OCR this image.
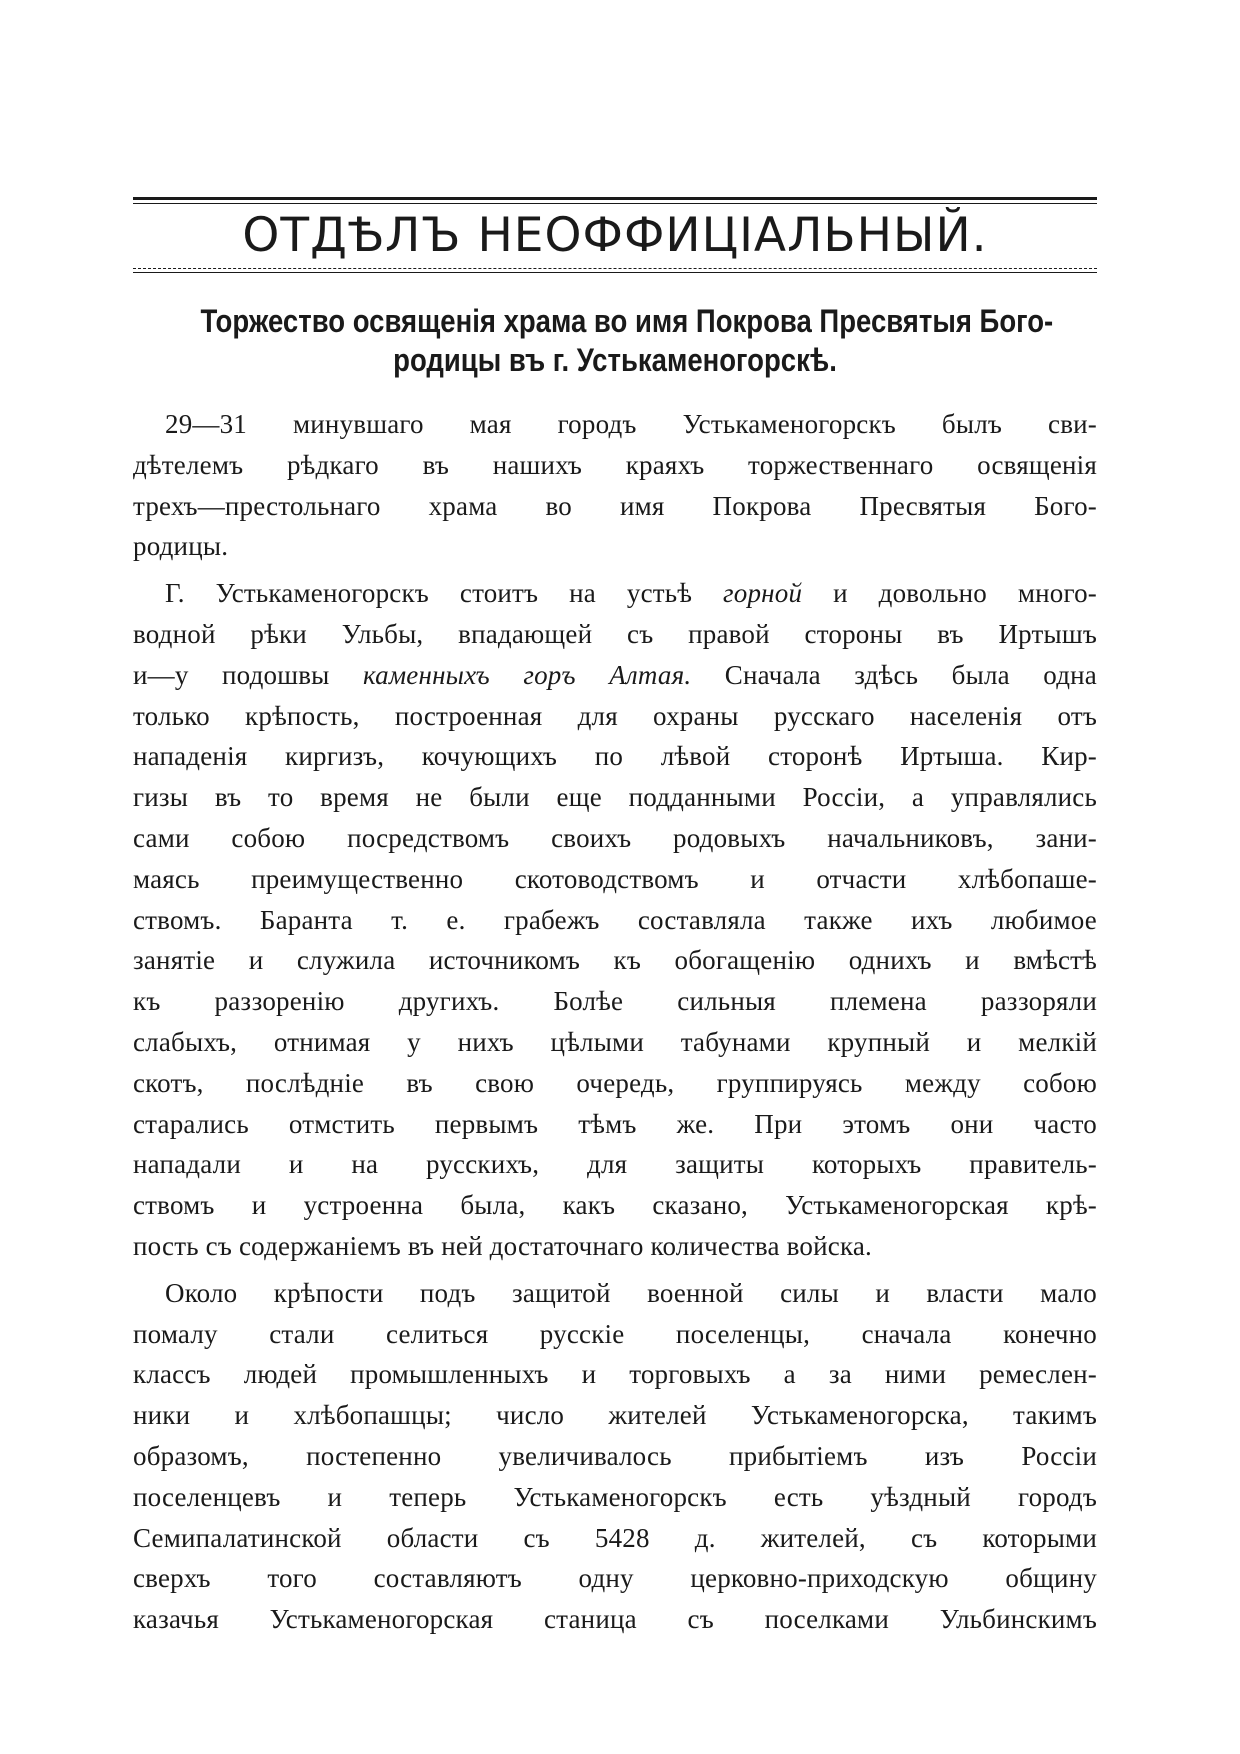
ОТДѢЛЪ НЕОФФИЦІАЛЬНЫЙ.
Торжество освященія храма во имя Покрова Пресвятыя Бого-
родицы въ г. Устькаменогорскѣ.
29—31 минувшаго мая городъ Устькаменогорскъ былъ сви-
дѣтелемъ рѣдкаго въ нашихъ краяхъ торжественнаго освященія
трехъ—престольнаго храма во имя Покрова Пресвятыя Бого-
родицы.
Г. Устькаменогорскъ стоитъ на устьѣ горной и довольно много-
водной рѣки Ульбы, впадающей съ правой стороны въ Иртышъ
и—у подошвы каменныхъ горъ Алтая. Сначала здѣсь была одна
только крѣпость, построенная для охраны русскаго населенія отъ
нападенія киргизъ, кочующихъ по лѣвой сторонѣ Иртыша. Кир-
гизы въ то время не были еще подданными Россіи, а управлялись
сами собою посредствомъ своихъ родовыхъ начальниковъ, зани-
маясь преимущественно скотоводствомъ и отчасти хлѣбопаше-
ствомъ. Баранта т. е. грабежъ составляла также ихъ любимое
занятіе и служила источникомъ къ обогащенію однихъ и вмѣстѣ
къ раззоренію другихъ. Болѣе сильныя племена раззоряли
слабыхъ, отнимая у нихъ цѣлыми табунами крупный и мелкій
скотъ, послѣдніе въ свою очередь, группируясь между собою
старались отмстить первымъ тѣмъ же. При этомъ они часто
нападали и на русскихъ, для защиты которыхъ правитель-
ствомъ и устроенна была, какъ сказано, Устькаменогорская крѣ-
пость съ содержаніемъ въ ней достаточнаго количества войска.
Около крѣпости подъ защитой военной силы и власти мало
помалу стали селиться русскіе поселенцы, сначала конечно
классъ людей промышленныхъ и торговыхъ а за ними ремеслен-
ники и хлѣбопашцы; число жителей Устькаменогорска, такимъ
образомъ, постепенно увеличивалось прибытіемъ изъ Россіи
поселенцевъ и теперь Устькаменогорскъ есть уѣздный городъ
Семипалатинской области съ 5428 д. жителей, съ которыми
сверхъ того составляютъ одну церковно-приходскую общину
казачья Устькаменогорская станица съ поселками Ульбинскимъ
